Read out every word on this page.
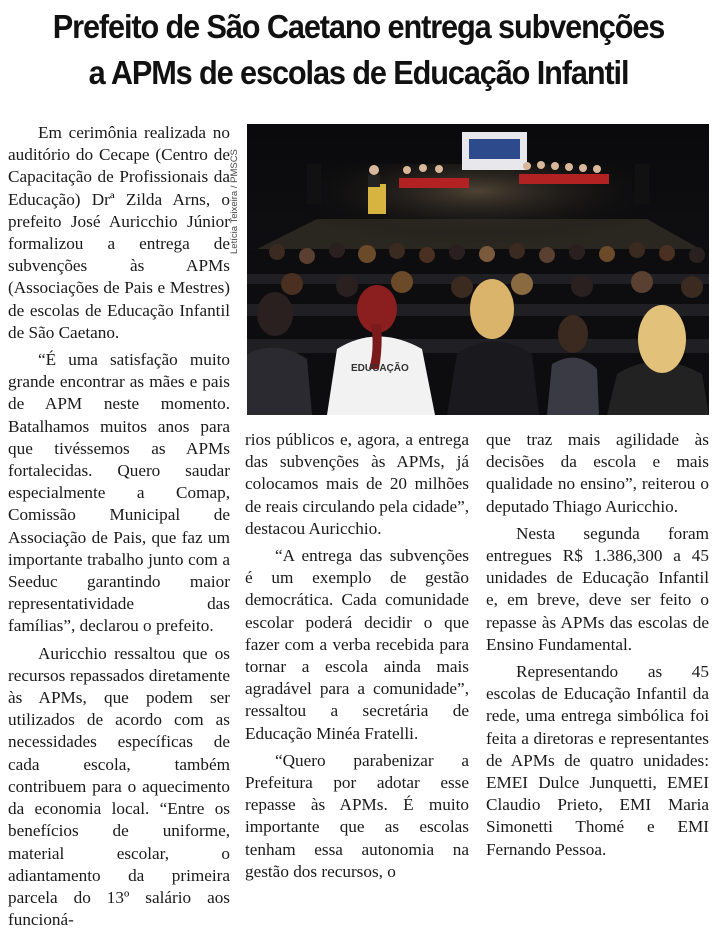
Prefeito de São Caetano entrega subvenções
a APMs de escolas de Educação Infantil

Em cerimônia realizada no auditório do Cecape (Centro de Capacitação de Profissionais da Educação) Drª Zilda Arns, o prefeito José Auricchio Júnior formalizou a entrega de subvenções às APMs (Associações de Pais e Mestres) de escolas de Educação Infantil de São Caetano.

“É uma satisfação muito grande encontrar as mães e pais de APM neste momento. Batalhamos muitos anos para que tivéssemos as APMs fortalecidas. Quero saudar especialmente a Comap, Comissão Municipal de Associação de Pais, que faz um importante trabalho junto com a Seeduc garantindo maior representatividade das famílias”, declarou o prefeito.

Auricchio ressaltou que os recursos repassados diretamente às APMs, que podem ser utilizados de acordo com as necessidades específicas de cada escola, também contribuem para o aquecimento da economia local. “Entre os benefícios de uniforme, material escolar, o adiantamento da primeira parcela do 13º salário aos funcioná-

Letícia Teixeira / PMSCS
EDUCAÇÃO

rios públicos e, agora, a entrega das subvenções às APMs, já colocamos mais de 20 milhões de reais circulando pela cidade”, destacou Auricchio.

“A entrega das subvenções é um exemplo de gestão democrática. Cada comunidade escolar poderá decidir o que fazer com a verba recebida para tornar a escola ainda mais agradável para a comunidade”, ressaltou a secretária de Educação Minéa Fratelli.

“Quero parabenizar a Prefeitura por adotar esse repasse às APMs. É muito importante que as escolas tenham essa autonomia na gestão dos recursos, o

que traz mais agilidade às decisões da escola e mais qualidade no ensino”, reiterou o deputado Thiago Auricchio.

Nesta segunda foram entregues R$ 1.386,300 a 45 unidades de Educação Infantil e, em breve, deve ser feito o repasse às APMs das escolas de Ensino Fundamental.

Representando as 45 escolas de Educação Infantil da rede, uma entrega simbólica foi feita a diretoras e representantes de APMs de quatro unidades: EMEI Dulce Junquetti, EMEI Claudio Prieto, EMI Maria Simonetti Thomé e EMI Fernando Pessoa.
